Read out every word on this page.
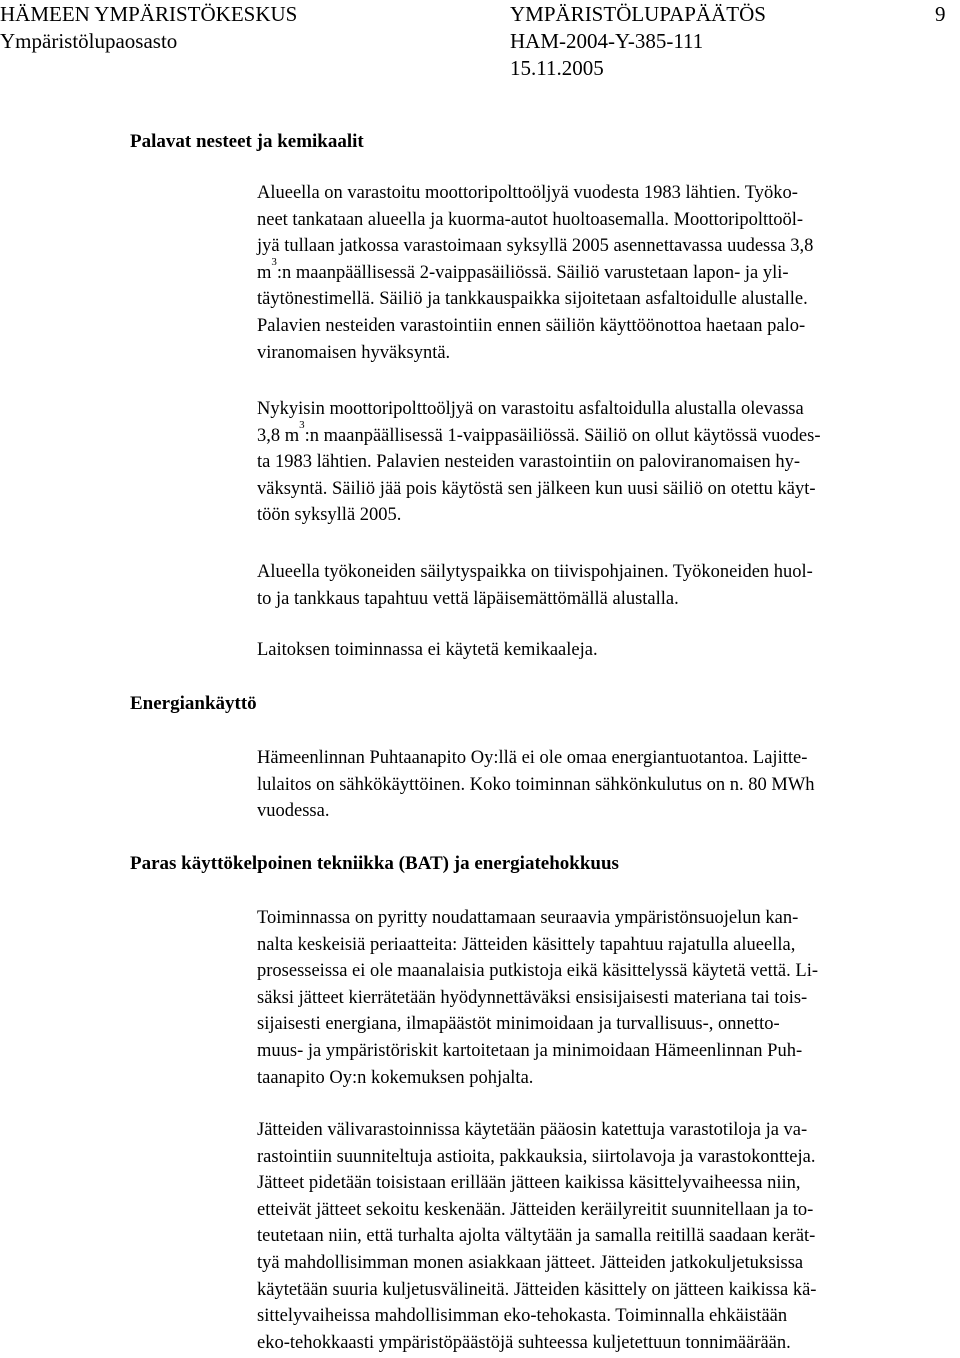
HÄMEEN YMPÄRISTÖKESKUS
Ympäristölupaosasto
YMPÄRISTÖLUPAPÄÄTÖS
HAM-2004-Y-385-111
15.11.2005
9
Palavat nesteet ja kemikaalit
Alueella on varastoitu moottoripolttoöljyä vuodesta 1983 lähtien. Työko-
neet tankataan alueella ja kuorma-autot huoltoasemalla. Moottoripolttoöl-
jyä tullaan jatkossa varastoimaan syksyllä 2005 asennettavassa uudessa 3,8
$m^3:n$ maanpäällisessä 2-vaippasäiliössä. Säiliö varustetaan lapon- ja yli-
täytönestimellä. Säiliö ja tankkauspaikka sijoitetaan asfaltoidulle alustalle.
Palavien nesteiden varastointiin ennen säiliön käyttöönottoa haetaan palo-
viranomaisen hyväksyntä.
Nykyisin moottoripolttoöljyä on varastoitu asfaltoidulla alustalla olevassa
3,8 $m^3:n$ maanpäällisessä 1-vaippasäiliössä. Säiliö on ollut käytössä vuodes-
ta 1983 lähtien. Palavien nesteiden varastointiin on paloviranomaisen hy-
väksyntä. Säiliö jää pois käytöstä sen jälkeen kun uusi säiliö on otettu käyt-
töön syksyllä 2005.
Alueella työkoneiden säilytyspaikka on tiivispohjainen. Työkoneiden huol-
to ja tankkaus tapahtuu vettä läpäisemättömällä alustalla.
Laitoksen toiminnassa ei käytetä kemikaaleja.
Energiankäyttö
Hämeenlinnan Puhtaanapito Oy:llä ei ole omaa energiantuotantoa. Lajitte-
lulaitos on sähkökäyttöinen. Koko toiminnan sähkönkulutus on n. 80 MWh
vuodessa.
Paras käyttökelpoinen tekniikka (BAT) ja energiatehokkuus
Toiminnassa on pyritty noudattamaan seuraavia ympäristönsuojelun kan-
nalta keskeisiä periaatteita: Jätteiden käsittely tapahtuu rajatulla alueella,
prosesseissa ei ole maanalaisia putkistoja eikä käsittelyssä käytetä vettä. Li-
säksi jätteet kierrätetään hyödynnettäväksi ensisijaisesti materiana tai tois-
sijaisesti energiana, ilmapäästöt minimoidaan ja turvallisuus-, onnetto-
muus- ja ympäristöriskit kartoitetaan ja minimoidaan Hämeenlinnan Puh-
taanapito Oy:n kokemuksen pohjalta.
Jätteiden välivarastoinnissa käytetään pääosin katettuja varastotiloja ja va-
rastointiin suunniteltuja astioita, pakkauksia, siirtolavoja ja varastokontteja.
Jätteet pidetään toisistaan erillään jätteen kaikissa käsittelyvaiheessa niin,
etteivät jätteet sekoitu keskenään. Jätteiden keräilyreitit suunnitellaan ja to-
teutetaan niin, että turhalta ajolta vältytään ja samalla reitillä saadaan kerät-
tyä mahdollisimman monen asiakkaan jätteet. Jätteiden jatkokuljetuksissa
käytetään suuria kuljetusvälineitä. Jätteiden käsittely on jätteen kaikissa kä-
sittelyvaiheissa mahdollisimman eko-tehokasta. Toiminnalla ehkäistään
eko-tehokkaasti ympäristöpäästöjä suhteessa kuljetettuun tonnimäärään.
